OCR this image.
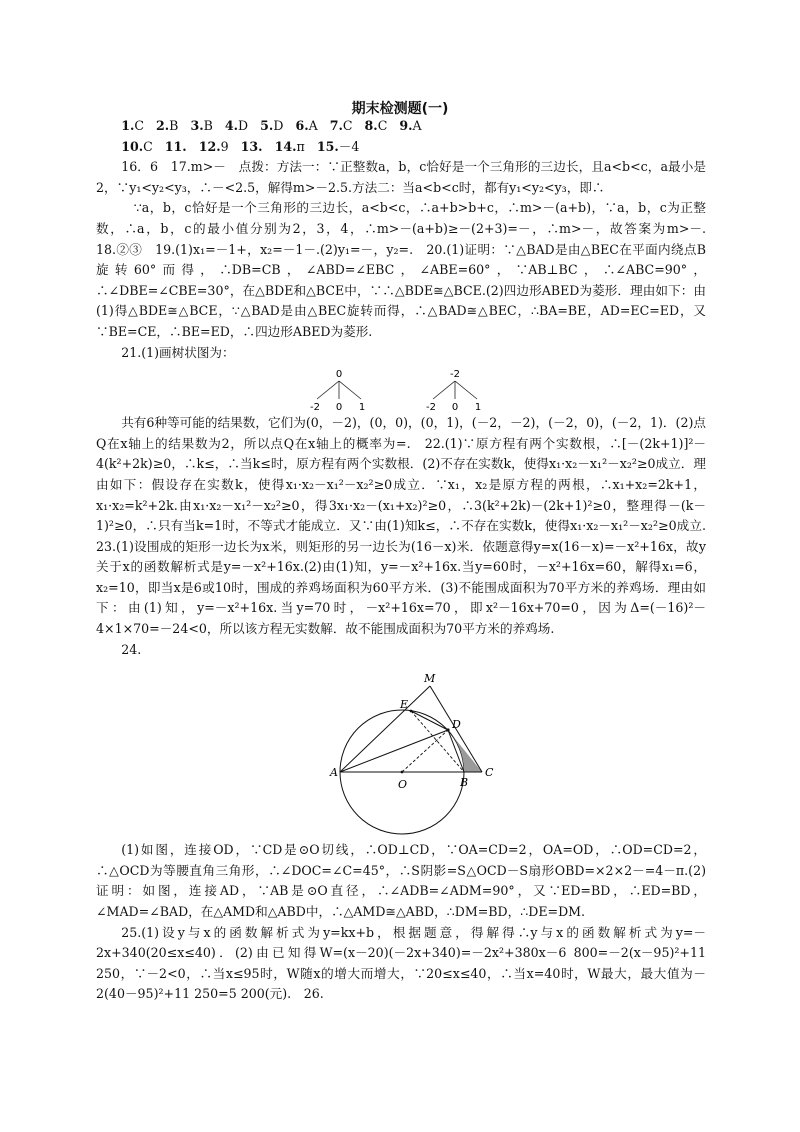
期末检测题(一)

1.C 2.B 3.B 4.D 5.D 6.A 7.C 8.C 9.A

10.C 11. 12.9 13. 14.π 15.－4

16．6　17.m>－　点拨：方法一：∵正整数a，b，c恰好是一个三角形的三边长，且a<b<c，a最小是2，∵y₁<y₂<y₃，∴－<2.5，解得m>－2.5.方法二：当a<b<c时，都有y₁<y₂<y₃，即∴

∵a，b，c恰好是一个三角形的三边长，a<b<c，∴a+b>b+c，∴m>－(a+b)，∵a，b，c为正整数，∴a，b，c的最小值分别为2，3，4，∴m>－(a+b)≥－(2+3)=－，∴m>－，故答案为m>－.　18.②③　19.(1)x₁=－1+，x₂=－1－.(2)y₁=－，y₂=.　20.(1)证明：∵△BAD是由△BEC在平面内绕点B旋转60°而得，∴DB=CB，∠ABD=∠EBC，∠ABE=60°，∵AB⊥BC，∴∠ABC=90°，∴∠DBE=∠CBE=30°，在△BDE和△BCE中，∵∴△BDE≅△BCE.(2)四边形ABED为菱形．理由如下：由(1)得△BDE≅△BCE，∵△BAD是由△BEC旋转而得，∴△BAD≅△BEC，∴BA=BE，AD=EC=ED，又∵BE=CE，∴BE=ED，∴四边形ABED为菱形.

21.(1)画树状图为：

0
-2 0 1
-2
-2 0 1

共有6种等可能的结果数，它们为(0，－2)，(0，0)，(0，1)，(－2，－2)，(－2，0)，(－2，1)．(2)点Q在x轴上的结果数为2，所以点Q在x轴上的概率为=.　22.(1)∵原方程有两个实数根，∴[－(2k+1)]²－4(k²+2k)≥0，∴k≤，∴当k≤时，原方程有两个实数根．(2)不存在实数k，使得x₁·x₂－x₁²－x₂²≥0成立．理由如下：假设存在实数k，使得x₁·x₂－x₁²－x₂²≥0成立．∵x₁，x₂是原方程的两根，∴x₁+x₂=2k+1，x₁·x₂=k²+2k.由x₁·x₂－x₁²－x₂²≥0，得3x₁·x₂－(x₁+x₂)²≥0，∴3(k²+2k)－(2k+1)²≥0，整理得－(k－1)²≥0，∴只有当k=1时，不等式才能成立．又∵由(1)知k≤，∴不存在实数k，使得x₁·x₂－x₁²－x₂²≥0成立.　23.(1)设围成的矩形一边长为x米，则矩形的另一边长为(16－x)米．依题意得y=x(16－x)=－x²+16x，故y关于x的函数解析式是y=－x²+16x.(2)由(1)知，y=－x²+16x.当y=60时，－x²+16x=60，解得x₁=6，x₂=10，即当x是6或10时，围成的养鸡场面积为60平方米．(3)不能围成面积为70平方米的养鸡场．理由如下：由(1)知，y=－x²+16x.当y=70时，－x²+16x=70，即x²－16x+70=0，因为Δ=(－16)²－4×1×70=－24<0，所以该方程无实数解．故不能围成面积为70平方米的养鸡场.

24.

M
E
D
A
O	B
C

(1)如图，连接OD，∵CD是⊙O切线，∴OD⊥CD，∵OA=CD=2，OA=OD，∴OD=CD=2，∴△OCD为等腰直角三角形，∴∠DOC=∠C=45°，∴S阴影=S△OCD－S扇形OBD=×2×2－=4－π.(2)证明：如图，连接AD，∵AB是⊙O直径，∴∠ADB=∠ADM=90°，又∵ED=BD，∴ED=BD，∠MAD=∠BAD，在△AMD和△ABD中，∴△AMD≅△ABD，∴DM=BD，∴DE=DM.

25.(1)设y与x的函数解析式为y=kx+b，根据题意，得解得∴y与x的函数解析式为y=－2x+340(20≤x≤40)．(2)由已知得W=(x－20)(－2x+340)=－2x²+380x－6 800=－2(x－95)²+11 250，∵－2<0，∴当x≤95时，W随x的增大而增大，∵20≤x≤40，∴当x=40时，W最大，最大值为－2(40－95)²+11 250=5 200(元).　26.
